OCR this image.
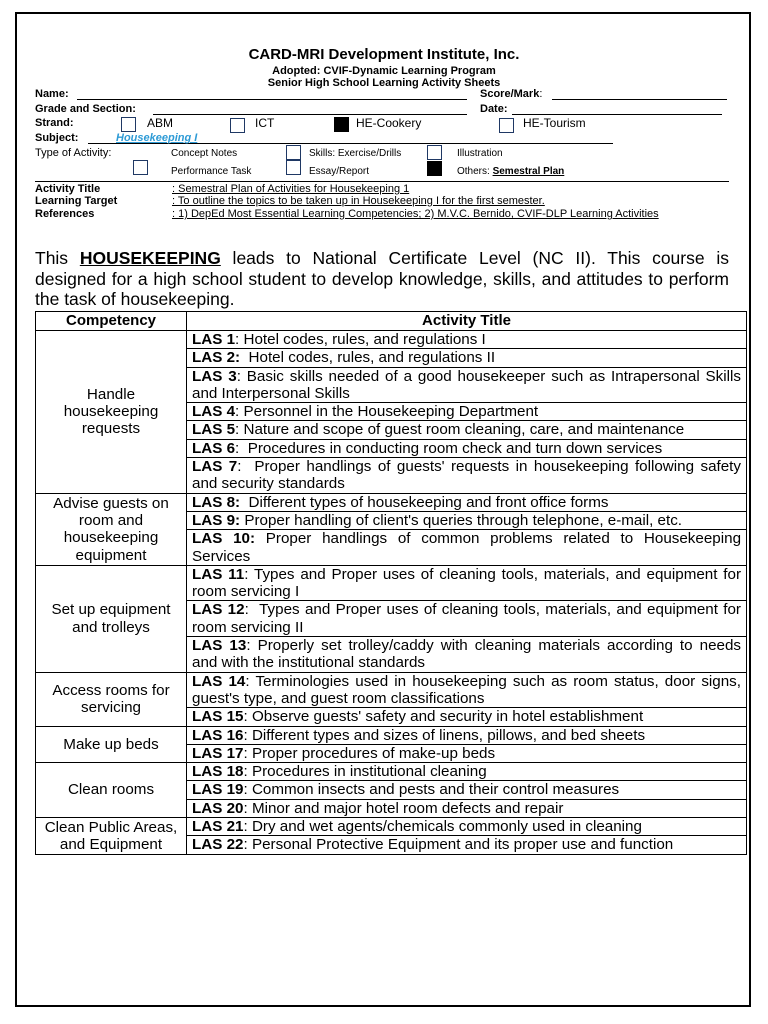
CARD-MRI Development Institute, Inc.
Adopted: CVIF-Dynamic Learning Program
Senior High School Learning Activity Sheets
Name:	Score/Mark:
Grade and Section:	Date:
Strand:	ABM	ICT	HE-Cookery	HE-Tourism
Subject:	Housekeeping I
Type of Activity:	Concept Notes	Skills: Exercise/Drills	Illustration
Performance Task	Essay/Report	Others: Semestral Plan
Activity Title	: Semestral Plan of Activities for Housekeeping 1
Learning Target	: To outline the topics to be taken up in Housekeeping I for the first semester.
References	: 1) DepEd Most Essential Learning Competencies; 2) M.V.C. Bernido, CVIF-DLP Learning Activities
This HOUSEKEEPING leads to National Certificate Level (NC II). This course is designed for a high school student to develop knowledge, skills, and attitudes to perform the task of housekeeping.
Competency	Activity Title
Handle housekeeping requests	LAS 1: Hotel codes, rules, and regulations I
	LAS 2:  Hotel codes, rules, and regulations II
	LAS 3: Basic skills needed of a good housekeeper such as Intrapersonal Skills and Interpersonal Skills
	LAS 4: Personnel in the Housekeeping Department
	LAS 5: Nature and scope of guest room cleaning, care, and maintenance
	LAS 6:  Procedures in conducting room check and turn down services
	LAS 7:  Proper handlings of guests' requests in housekeeping following safety and security standards
Advise guests on room and housekeeping equipment	LAS 8:  Different types of housekeeping and front office forms
	LAS 9: Proper handling of client's queries through telephone, e-mail, etc.
	LAS 10: Proper handlings of common problems related to Housekeeping Services
Set up equipment and trolleys	LAS 11: Types and Proper uses of cleaning tools, materials, and equipment for room servicing I
	LAS 12:  Types and Proper uses of cleaning tools, materials, and equipment for room servicing II
	LAS 13: Properly set trolley/caddy with cleaning materials according to needs and with the institutional standards
Access rooms for servicing	LAS 14: Terminologies used in housekeeping such as room status, door signs, guest's type, and guest room classifications
	LAS 15: Observe guests' safety and security in hotel establishment
Make up beds	LAS 16: Different types and sizes of linens, pillows, and bed sheets
	LAS 17: Proper procedures of make-up beds
Clean rooms	LAS 18: Procedures in institutional cleaning
	LAS 19: Common insects and pests and their control measures
	LAS 20: Minor and major hotel room defects and repair
Clean Public Areas, and Equipment	LAS 21: Dry and wet agents/chemicals commonly used in cleaning
	LAS 22: Personal Protective Equipment and its proper use and function
